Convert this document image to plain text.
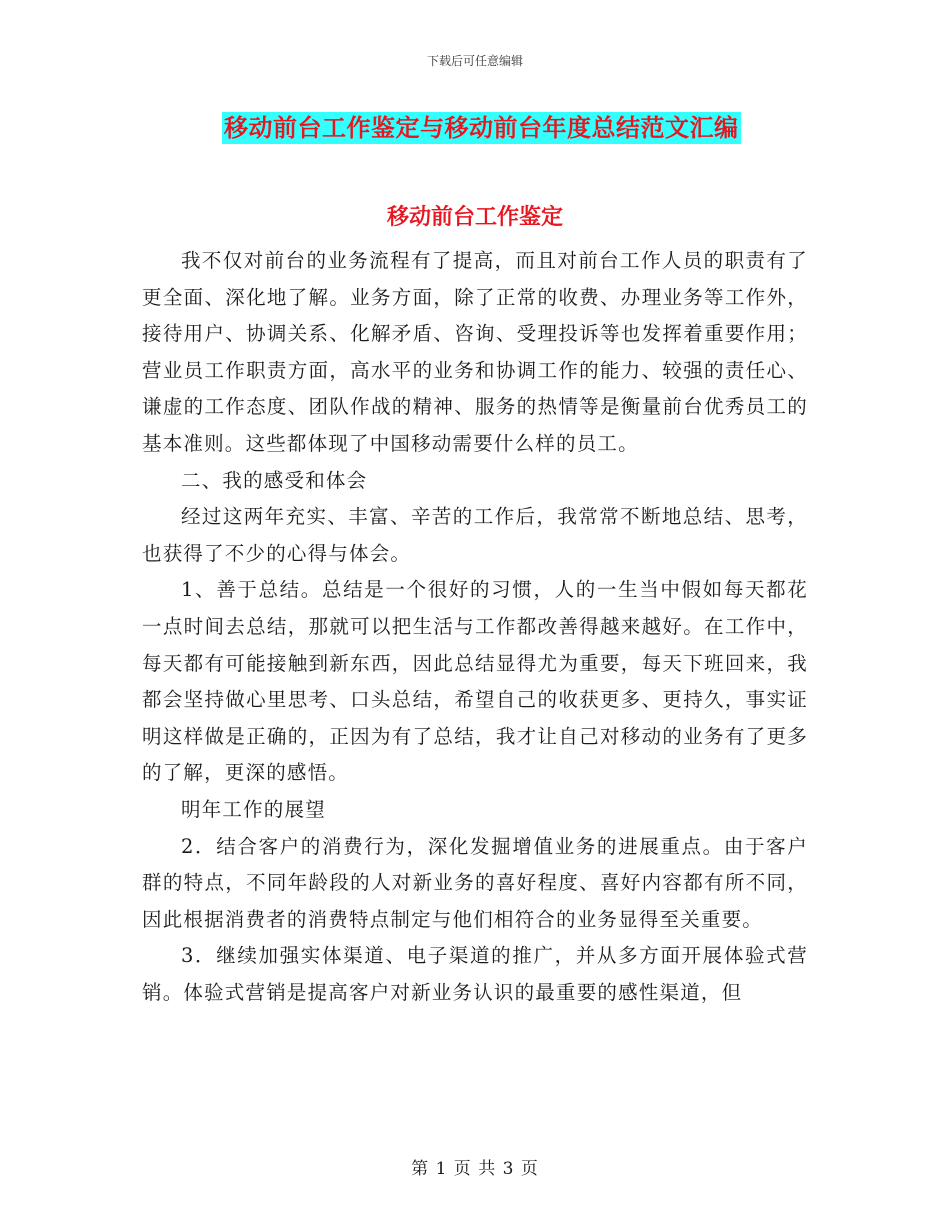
下载后可任意编辑
移动前台工作鉴定与移动前台年度总结范文汇编
移动前台工作鉴定

我不仅对前台的业务流程有了提高，而且对前台工作人员的职责有了更全面、深化地了解。业务方面，除了正常的收费、办理业务等工作外，接待用户、协调关系、化解矛盾、咨询、受理投诉等也发挥着重要作用；营业员工作职责方面，高水平的业务和协调工作的能力、较强的责任心、谦虚的工作态度、团队作战的精神、服务的热情等是衡量前台优秀员工的基本准则。这些都体现了中国移动需要什么样的员工。

二、我的感受和体会

经过这两年充实、丰富、辛苦的工作后，我常常不断地总结、思考，也获得了不少的心得与体会。

1、善于总结。总结是一个很好的习惯，人的一生当中假如每天都花一点时间去总结，那就可以把生活与工作都改善得越来越好。在工作中，每天都有可能接触到新东西，因此总结显得尤为重要，每天下班回来，我都会坚持做心里思考、口头总结，希望自己的收获更多、更持久，事实证明这样做是正确的，正因为有了总结，我才让自己对移动的业务有了更多的了解，更深的感悟。

明年工作的展望

2．结合客户的消费行为，深化发掘增值业务的进展重点。由于客户群的特点，不同年龄段的人对新业务的喜好程度、喜好内容都有所不同，因此根据消费者的消费特点制定与他们相符合的业务显得至关重要。

3．继续加强实体渠道、电子渠道的推广，并从多方面开展体验式营销。体验式营销是提高客户对新业务认识的最重要的感性渠道，但

第 1 页 共 3 页
